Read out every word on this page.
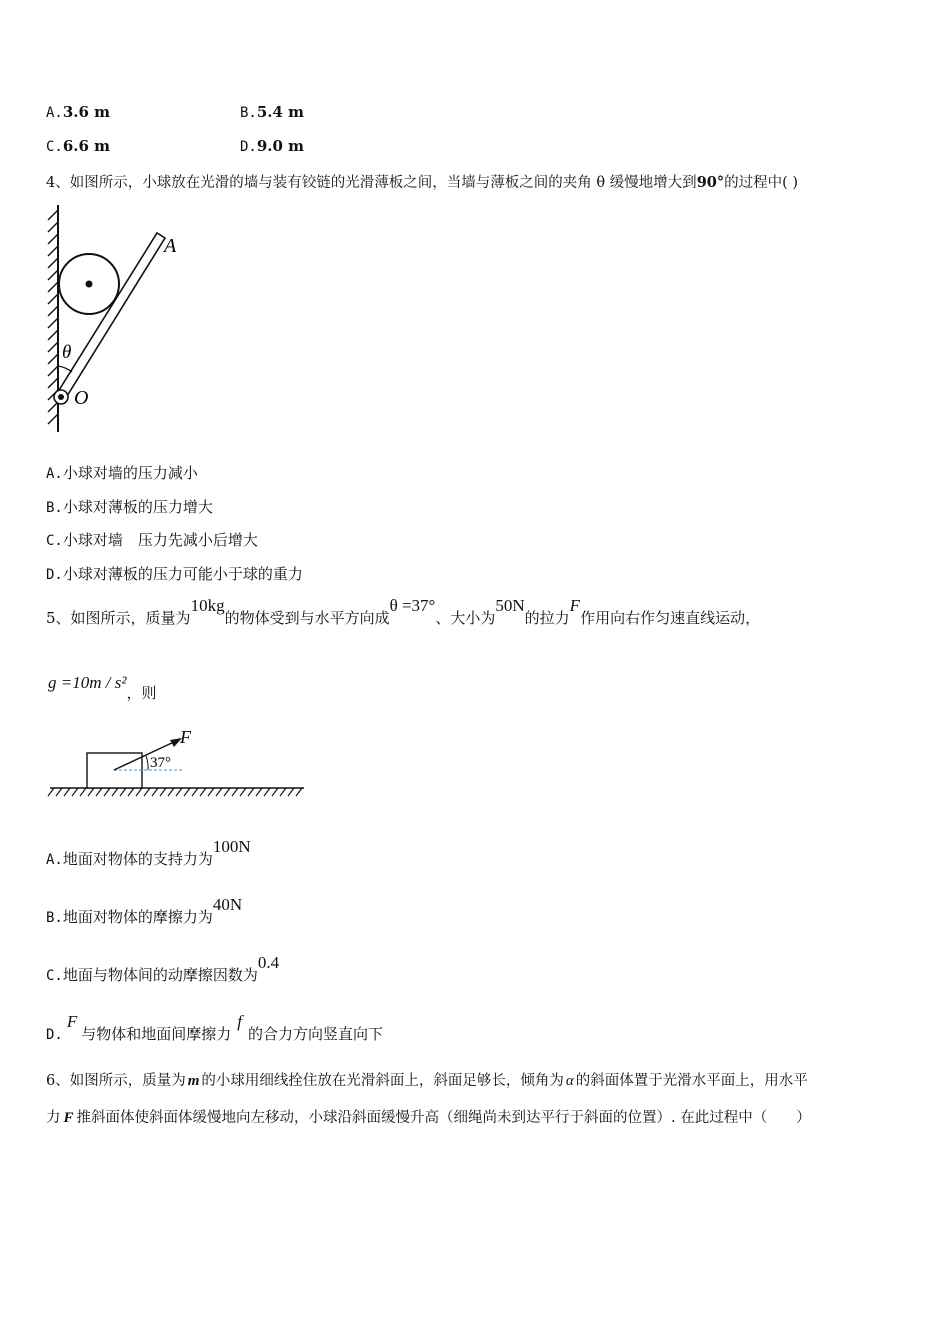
A.3.6 m	B.5.4 m
C.6.6 m	D.9.0 m
4、如图所示，小球放在光滑的墙与装有铰链的光滑薄板之间，当墙与薄板之间的夹角 θ 缓慢地增大到90°的过程中( )
A
θ
O
A.小球对墙的压力减小
B.小球对薄板的压力增大
C.小球对墙　压力先减小后增大
D.小球对薄板的压力可能小于球的重力
5、如图所示，质量为10kg的物体受到与水平方向成θ =37°、大小为50N的拉力F作用向右作匀速直线运动，
g =10m / s²，则
F
37°
A.地面对物体的支持力为100N
B.地面对物体的摩擦力为40N
C.地面与物体间的动摩擦因数为0.4
D.F与物体和地面间摩擦力f的合力方向竖直向下
6、如图所示，质量为 m 的小球用细线拴住放在光滑斜面上，斜面足够长，倾角为 α 的斜面体置于光滑水平面上，用水平
力 F 推斜面体使斜面体缓慢地向左移动，小球沿斜面缓慢升高（细绳尚未到达平行于斜面的位置）. 在此过程中（　　）
